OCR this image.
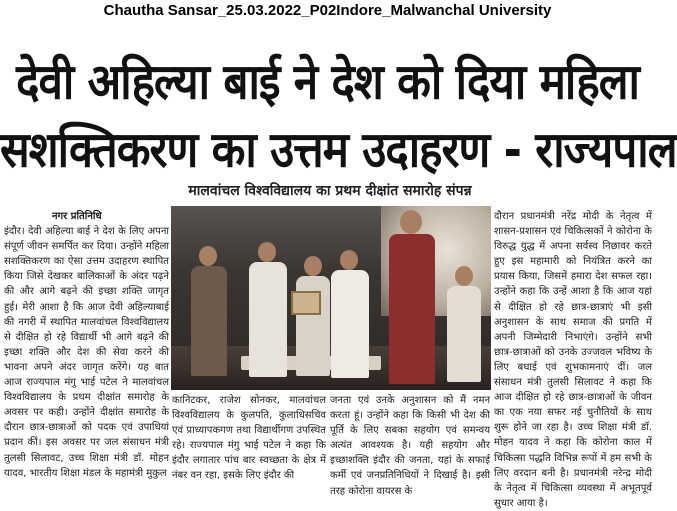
Chautha Sansar_25.03.2022_P02Indore_Malwanchal University
देवी अहिल्या बाई ने देश को दिया महिला
सशक्तिकरण का उत्तम उदाहरण - राज्यपाल
मालवांचल विश्वविद्यालय का प्रथम दीक्षांत समारोह संपन्न
नगर प्रतिनिधि
इंदौर। देवी अहिल्या बाई ने देश के लिए अपना संपूर्ण जीवन समर्पित कर दिया। उन्होंने महिला सशक्तिकरण का ऐसा उत्तम उदाहरण स्थापित किया जिसे देखकर बालिकाओं के अंदर पढ़ने की और आगे बढ़ने की इच्छा शक्ति जागृत हुई। मेरी आशा है कि आज देवी अहिल्याबाई की नगरी में स्थापित मालवांचल विश्वविद्यालय से दीक्षित हो रहे विद्यार्थी भी आगे बढ़ने की इच्छा शक्ति और देश की सेवा करने की भावना अपने अंदर जागृत करेंगे। यह बात आज राज्यपाल मंगु भाई पटेल ने मालवांचल विश्वविद्यालय के प्रथम दीक्षांत समारोह के अवसर पर कही। उन्होंने दीक्षांत समारोह के दौरान छात्र-छात्राओं को पदक एवं उपाधियां प्रदान कीं। इस अवसर पर जल संसाधन मंत्री तुलसी सिलावट, उच्च शिक्षा मंत्री डॉ. मोहन यादव, भारतीय शिक्षा मंडल के महामंत्री मुकुल
कानिटकर, राजेश सोनकर, मालवांचल विश्वविद्यालय के कुलपति, कुलाधिसचिव एवं प्राध्यापकगण तथा विद्यार्थीगण उपस्थित रहे। राज्यपाल मंगु भाई पटेल ने कहा कि इंदौर लगातार पांच बार स्वच्छता के क्षेत्र में नंबर वन रहा, इसके लिए इंदौर की
जनता एवं उनके अनुशासन को मैं नमन करता हूं। उन्होंने कहा कि किसी भी देश की पूर्ति के लिए सबका सहयोग एवं समन्वय अत्यंत आवश्यक है। यही सहयोग और इच्छाशक्ति इंदौर की जनता, यहां के सफाई कर्मी एवं जनप्रतिनिधियों ने दिखाई है। इसी तरह कोरोना वायरस के
दौरान प्रधानमंत्री नरेंद्र मोदी के नेतृत्व में शासन-प्रशासन एवं चिकित्सकों ने कोरोना के विरुद्ध युद्ध में अपना सर्वस्व निछावर करते हुए इस महामारी को नियंत्रित करने का प्रयास किया, जिसमें हमारा देश सफल रहा। उन्होंने कहा कि उन्हें आशा है कि आज यहां से दीक्षित हो रहे छात्र-छात्राएं भी इसी अनुशासन के साथ समाज की प्रगति में अपनी जिम्मेदारी निभाएंगे। उन्होंने सभी छात्र-छात्राओं को उनके उज्जवल भविष्य के लिए बधाई एवं शुभकामनाएं दीं। जल संसाधन मंत्री तुलसी सिलावट ने कहा कि आज दीक्षित हो रहे छात्र-छात्राओं के जीवन का एक नया सफर नई चुनौतियों के साथ शुरू होने जा रहा है। उच्च शिक्षा मंत्री डॉ. मोहन यादव ने कहा कि कोरोना काल में चिकित्सा पद्धति विभिन्न रूपों में हम सभी के लिए वरदान बनी है। प्रधानमंत्री नरेन्द्र मोदी के नेतृत्व में चिकित्सा व्यवस्था में अभूतपूर्व सुधार आया है।
